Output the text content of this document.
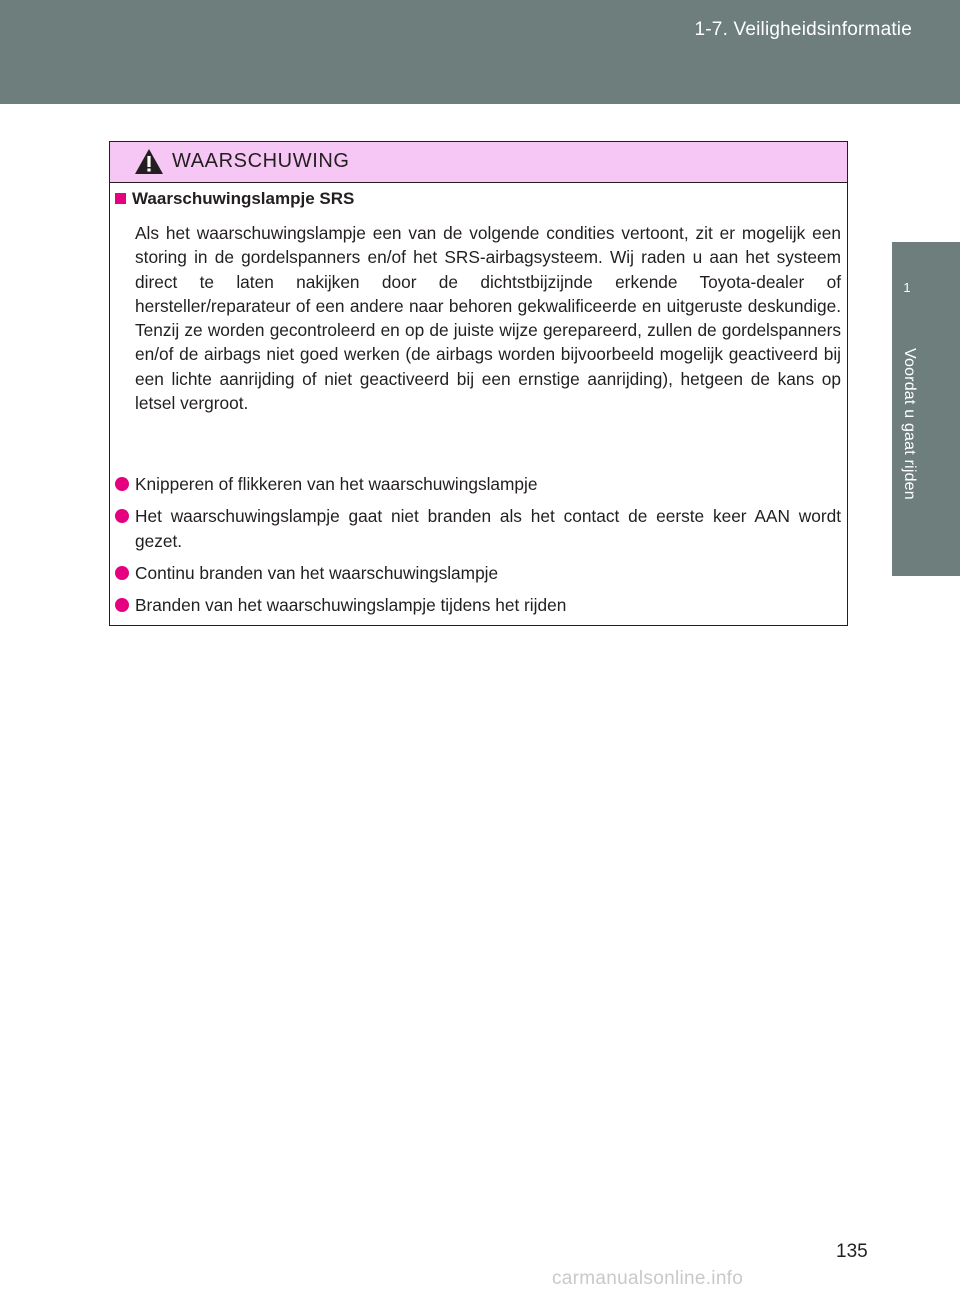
1-7. Veiligheidsinformatie
1
Voordat u gaat rijden
WAARSCHUWING
Waarschuwingslampje SRS

Als het waarschuwingslampje een van de volgende condities vertoont, zit er mogelijk een storing in de gordelspanners en/of het SRS-airbagsysteem. Wij raden u aan het systeem direct te laten nakijken door de dichtstbijzijnde erkende Toyota-dealer of hersteller/reparateur of een andere naar behoren gekwalificeerde en uitgeruste deskundige. Tenzij ze worden gecontroleerd en op de juiste wijze gerepareerd, zullen de gordelspanners en/of de airbags niet goed werken (de airbags worden bijvoorbeeld mogelijk geactiveerd bij een lichte aanrijding of niet geactiveerd bij een ernstige aanrijding), hetgeen de kans op letsel vergroot.

Knipperen of flikkeren van het waarschuwingslampje
Het waarschuwingslampje gaat niet branden als het contact de eerste keer AAN wordt gezet.
Continu branden van het waarschuwingslampje
Branden van het waarschuwingslampje tijdens het rijden
135
carmanualsonline.info
